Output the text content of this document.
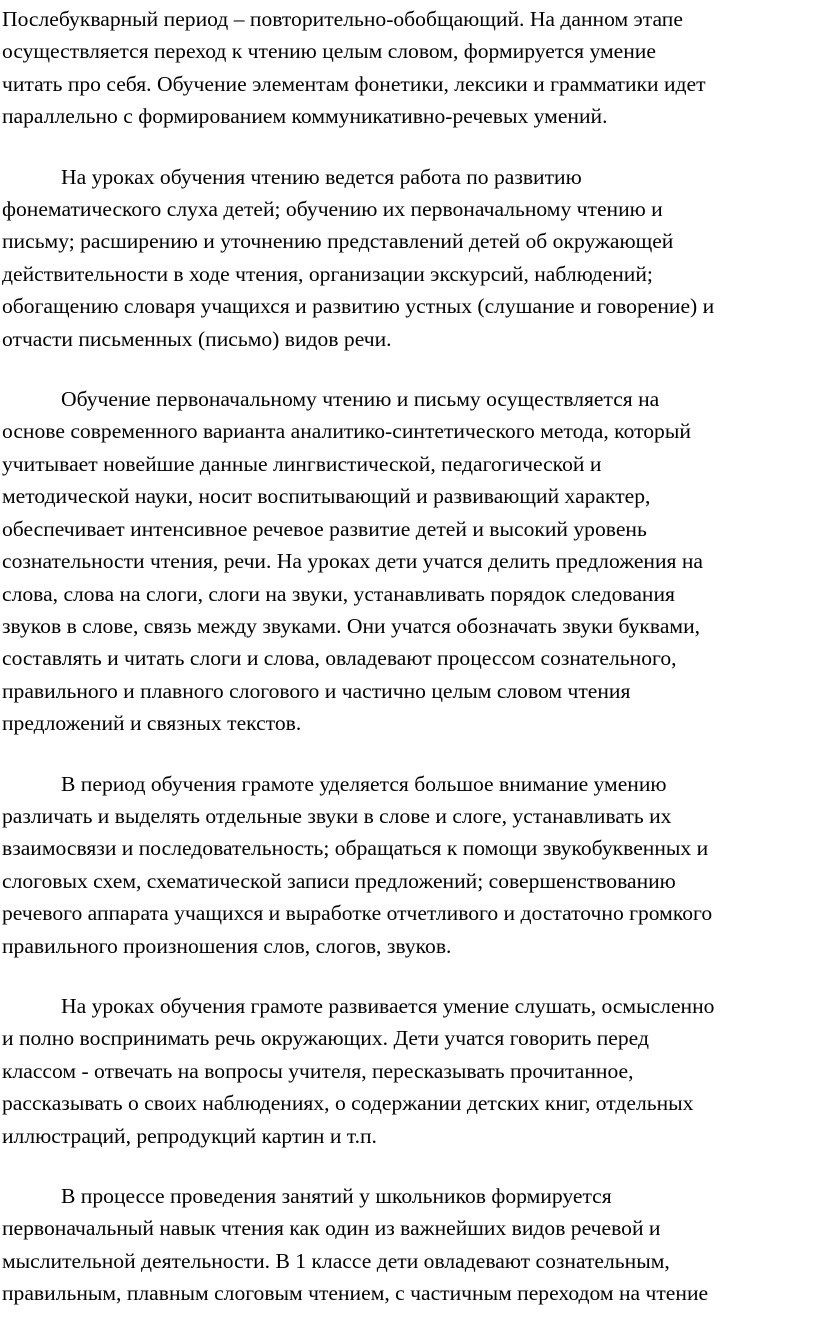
Послебукварный период – повторительно-обобщающий. На данном этапе
осуществляется переход к чтению целым словом, формируется умение
читать про себя. Обучение элементам фонетики, лексики и грамматики идет
параллельно с формированием коммуникативно-речевых умений.
На уроках обучения чтению ведется работа по развитию
фонематического слуха детей; обучению их первоначальному чтению и
письму; расширению и уточнению представлений детей об окружающей
действительности в ходе чтения, организации экскурсий, наблюдений;
обогащению словаря учащихся и развитию устных (слушание и говорение) и
отчасти письменных (письмо) видов речи.
Обучение первоначальному чтению и письму осуществляется на
основе современного варианта аналитико-синтетического метода, который
учитывает новейшие данные лингвистической, педагогической и
методической науки, носит воспитывающий и развивающий характер,
обеспечивает интенсивное речевое развитие детей и высокий уровень
сознательности чтения, речи. На уроках дети учатся делить предложения на
слова, слова на слоги, слоги на звуки, устанавливать порядок следования
звуков в слове, связь между звуками. Они учатся обозначать звуки буквами,
составлять и читать слоги и слова, овладевают процессом сознательного,
правильного и плавного слогового и частично целым словом чтения
предложений и связных текстов.
В период обучения грамоте уделяется большое внимание умению
различать и выделять отдельные звуки в слове и слоге, устанавливать их
взаимосвязи и последовательность; обращаться к помощи звукобуквенных и
слоговых схем, схематической записи предложений; совершенствованию
речевого аппарата учащихся и выработке отчетливого и достаточно громкого
правильного произношения слов, слогов, звуков.
На уроках обучения грамоте развивается умение слушать, осмысленно
и полно воспринимать речь окружающих. Дети учатся говорить перед
классом - отвечать на вопросы учителя, пересказывать прочитанное,
рассказывать о своих наблюдениях, о содержании детских книг, отдельных
иллюстраций, репродукций картин и т.п.
В процессе проведения занятий у школьников формируется
первоначальный навык чтения как один из важнейших видов речевой и
мыслительной деятельности. В 1 классе дети овладевают сознательным,
правильным, плавным слоговым чтением, с частичным переходом на чтение
